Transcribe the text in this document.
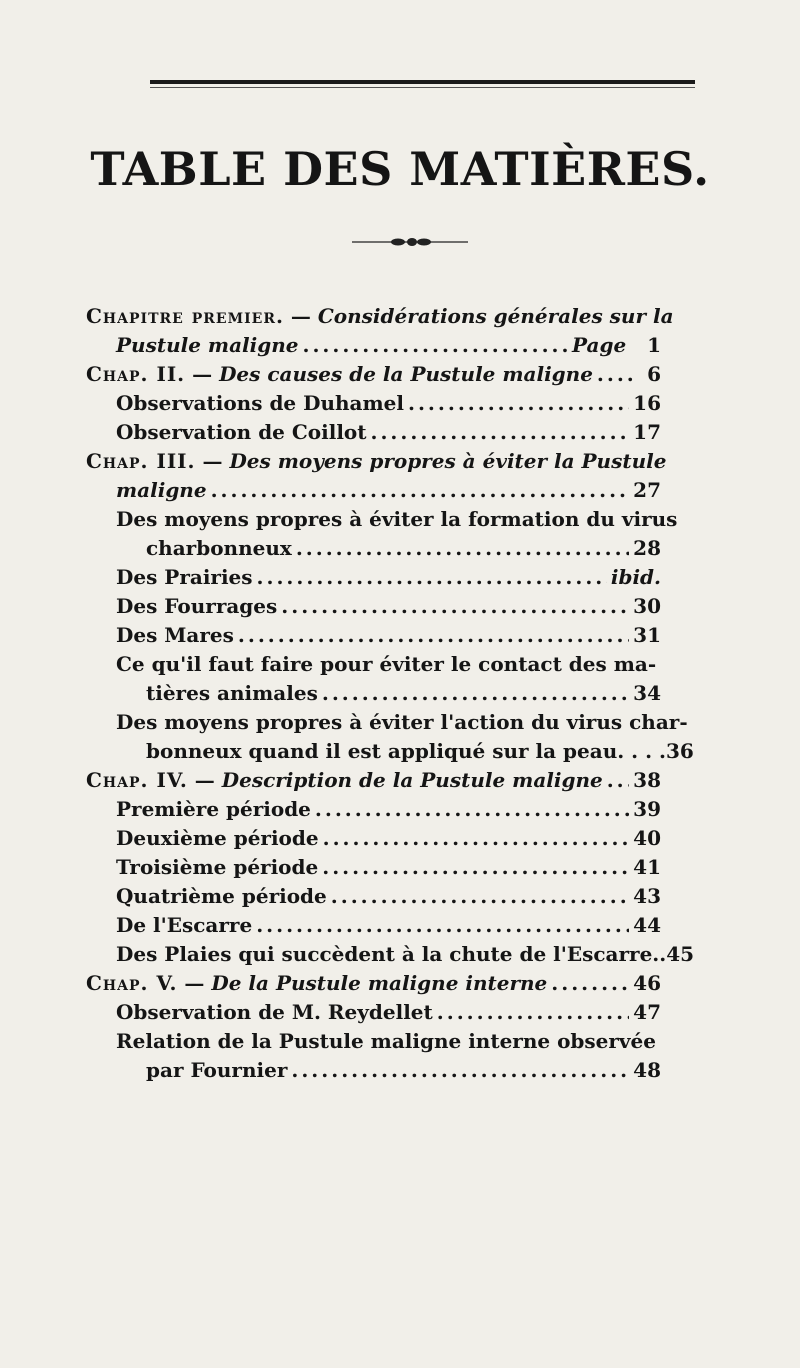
TABLE DES MATIÈRES.
Chapitre premier. — Considérations générales sur la
Pustule maligne .....	Page 1
Chap. II. — Des causes de la Pustule maligne .....	6
Observations de Duhamel .....	16
Observation de Coillot .....	17
Chap. III. — Des moyens propres à éviter la Pustule
maligne .....	27
Des moyens propres à éviter la formation du virus
charbonneux .....	28
Des Prairies .....	ibid.
Des Fourrages .....	30
Des Mares .....	31
Ce qu'il faut faire pour éviter le contact des ma-
tières animales .....	34
Des moyens propres à éviter l'action du virus char-
bonneux quand il est appliqué sur la peau. . . . 36
Chap. IV. — Description de la Pustule maligne ..... 38
Première période .....	39
Deuxième période .....	40
Troisième période .....	41
Quatrième période .....	43
De l'Escarre .....	44
Des Plaies qui succèdent à la chute de l'Escarre.. 45
Chap. V. — De la Pustule maligne interne .....	46
Observation de M. Reydellet .....	47
Relation de la Pustule maligne interne observée
par Fournier .....	48
